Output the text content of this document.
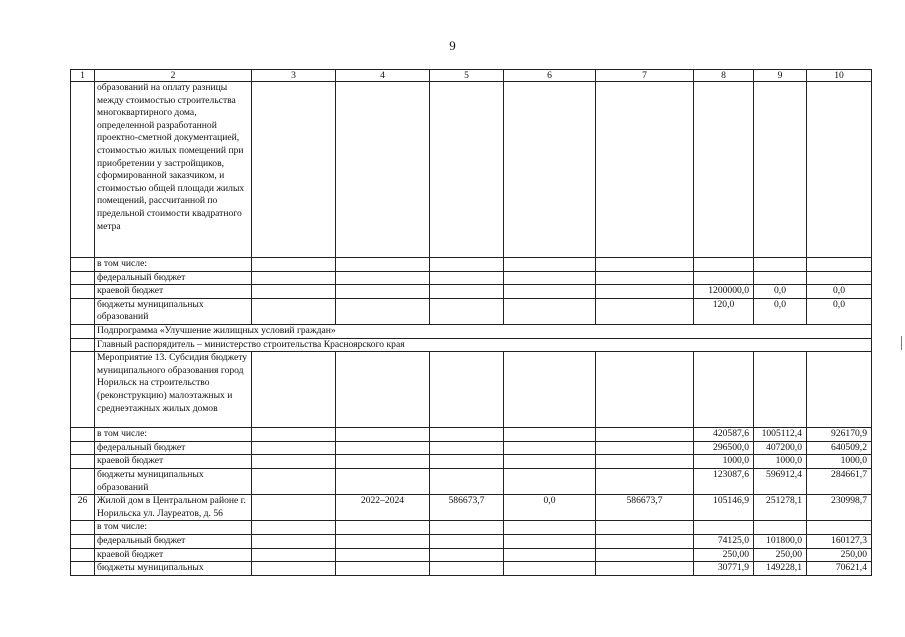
9
1	2	3	4	5	6	7	8	9	10
	образований на оплату разницы между стоимостью строительства многоквартирного дома, определенной разработанной проектно-сметной документацией, стоимостью жилых помещений при приобретении у застройщиков, сформированной заказчиком, и стоимостью общей площади жилых помещений, рассчитанной по предельной стоимости квадратного метра								
	в том числе:								
	федеральный бюджет								
	краевой бюджет						1200000,0	0,0	0,0
	бюджеты муниципальных образований						120,0	0,0	0,0
	Подпрограмма «Улучшение жилищных условий граждан»								
	Главный распорядитель – министерство строительства Красноярского края								
	Мероприятие 13. Субсидия бюджету муниципального образования город Норильск на строительство (реконструкцию) малоэтажных и среднеэтажных жилых домов								
	в том числе:						420587,6	1005112,4	926170,9
	федеральный бюджет						296500,0	407200,0	640509,2
	краевой бюджет						1000,0	1000,0	1000,0
	бюджеты муниципальных образований						123087,6	596912,4	284661,7
26	Жилой дом в Центральном районе г. Норильска ул. Лауреатов, д. 56		2022–2024	586673,7	0,0	586673,7	105146,9	251278,1	230998,7
	в том числе:								
	федеральный бюджет						74125,0	101800,0	160127,3
	краевой бюджет						250,00	250,00	250,00
	бюджеты муниципальных						30771,9	149228,1	70621,4
